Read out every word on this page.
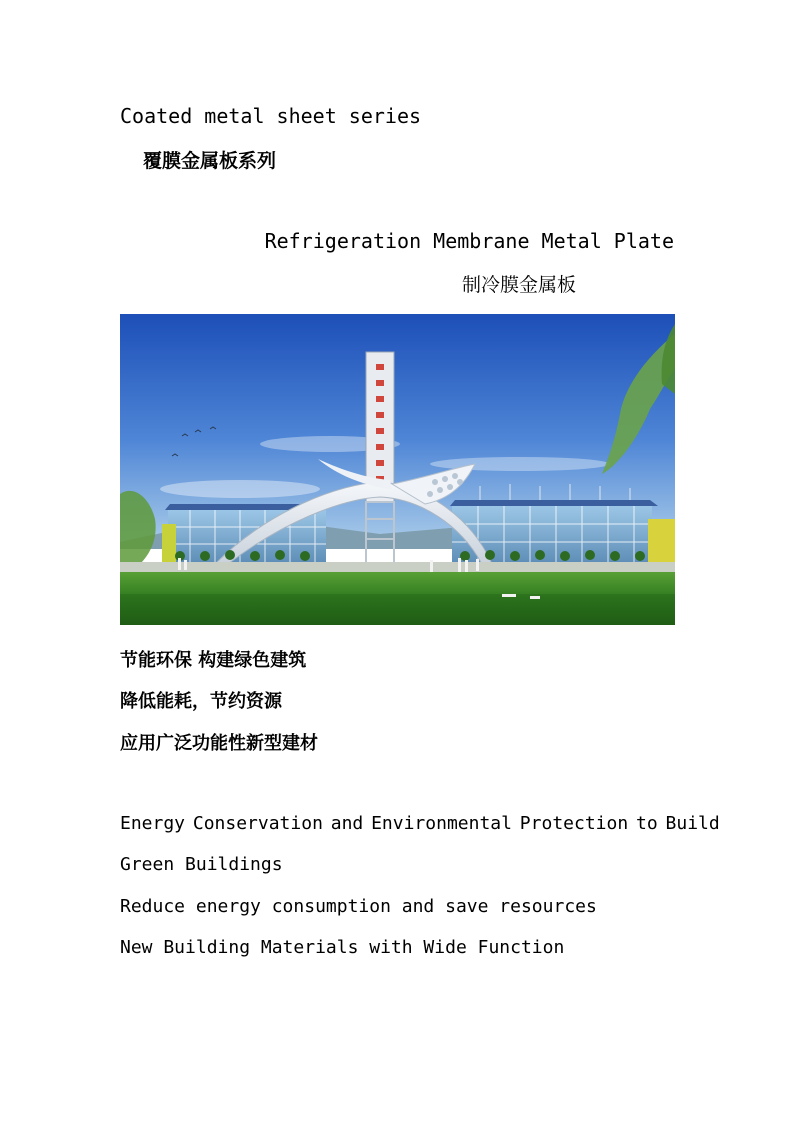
Coated metal sheet series
覆膜金属板系列
Refrigeration Membrane Metal Plate
制冷膜金属板
节能环保 构建绿色建筑
降低能耗，节约资源
应用广泛功能性新型建材
Energy Conservation and Environmental Protection to Build
Green Buildings
Reduce energy consumption and save resources
New Building Materials with Wide Function
